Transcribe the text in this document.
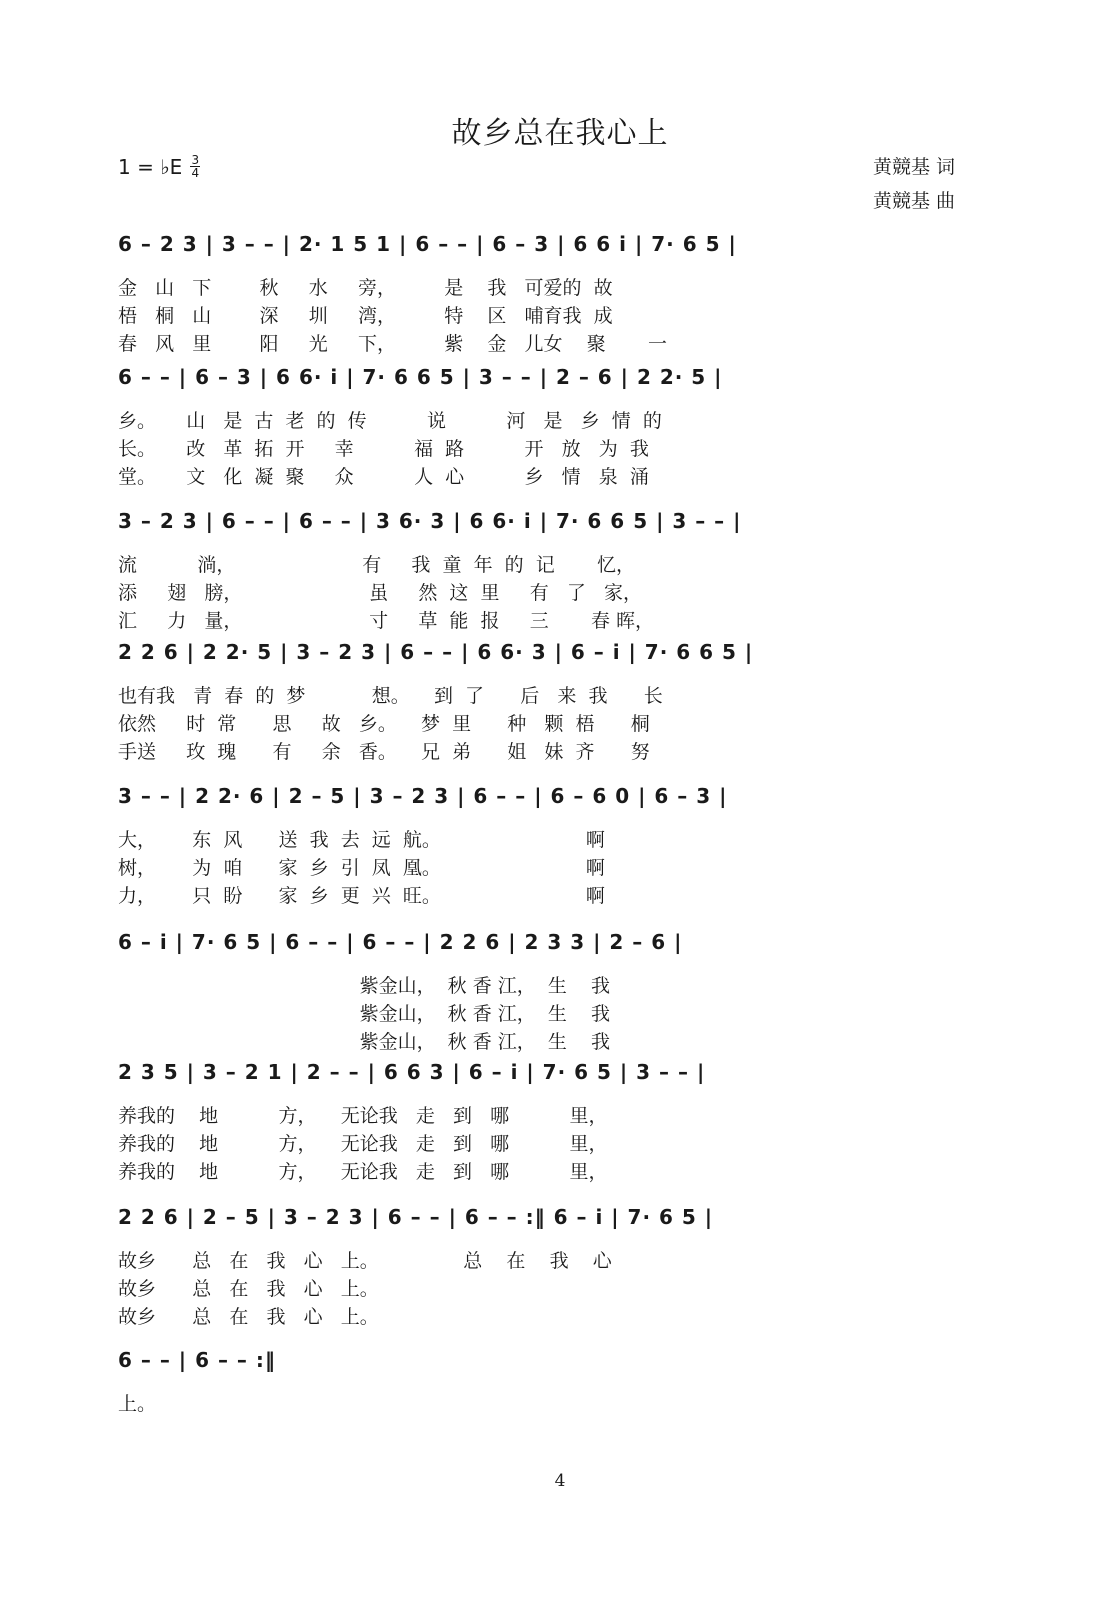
故乡总在我心上
1 = ♭E $\frac{3}{4}$	黄競基 词
黄競基 曲
6 – 2 3 | 3 – – | 2· 1 5 1 | 6 – – | 6 – 3 | 6 6 i | 7· 6 5 |
金   山   下        秋     水     旁，        是    我   可爱的  故
梧   桐   山        深     圳     湾，        特    区   哺育我  成
春   风   里        阳     光     下，        紫    金   儿女    聚       一
6 – – | 6 – 3 | 6 6· i | 7· 6 6 5 | 3 – – | 2 – 6 | 2 2· 5 |
乡。     山   是  古  老  的  传          说          河   是   乡  情  的
长。     改   革  拓  开     幸          福  路          开   放   为  我
堂。     文   化  凝  聚     众          人  心          乡   情   泉  涌
3 – 2 3 | 6 – – | 6 – – | 3 6· 3 | 6 6· i | 7· 6 6 5 | 3 – – |
流          淌，                     有     我  童  年  的  记       忆，
添     翅   膀，                     虽     然  这  里     有   了   家，
汇     力   量，                     寸     草  能  报     三       春 晖，
2 2 6 | 2 2· 5 | 3 – 2 3 | 6 – – | 6 6· 3 | 6 – i | 7· 6 6 5 |
也有我   青  春  的  梦           想。    到  了      后   来  我      长
依然     时  常      思     故   乡。    梦  里      种   颗  梧      桐
手送     玫  瑰      有     余   香。    兄  弟      姐   妹  齐      努
3 – – | 2 2· 6 | 2 – 5 | 3 – 2 3 | 6 – – | 6 – 6 0 | 6 – 3 |
大，      东  风      送  我  去  远  航。                        啊
树，      为  咱      家  乡  引  凤  凰。                        啊
力，      只  盼      家  乡  更  兴  旺。                        啊
6 – i | 7· 6 5 | 6 – – | 6 – – | 2 2 6 | 2 3 3 | 2 – 6 |
紫金山，  秋 香 江，  生    我
紫金山，  秋 香 江，  生    我
紫金山，  秋 香 江，  生    我
2 3 5 | 3 – 2 1 | 2 – – | 6 6 3 | 6 – i | 7· 6 5 | 3 – – |
养我的    地          方，    无论我   走   到   哪          里，
养我的    地          方，    无论我   走   到   哪          里，
养我的    地          方，    无论我   走   到   哪          里，
2 2 6 | 2 – 5 | 3 – 2 3 | 6 – – | 6 – – :‖ 6 – i | 7· 6 5 |
故乡      总   在   我   心   上。              总    在    我    心
故乡      总   在   我   心   上。
故乡      总   在   我   心   上。
6 – – | 6 – – :‖
上。
4
